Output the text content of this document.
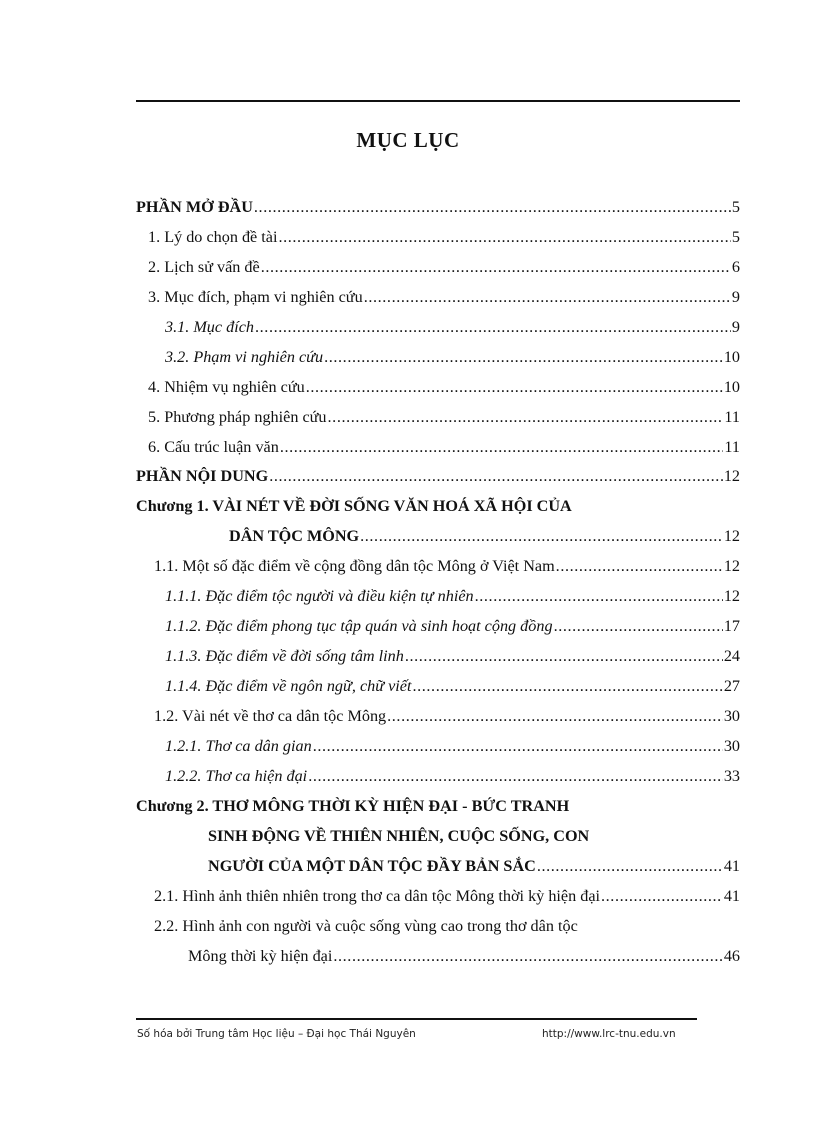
MỤC LỤC
PHẦN MỞ ĐẦU .....	5
1. Lý do chọn đề tài .....	5
2. Lịch sử vấn đề .....	6
3. Mục đích, phạm vi nghiên cứu .....	9
3.1. Mục đích .....	9
3.2. Phạm vi nghiên cứu .....	10
4. Nhiệm vụ nghiên cứu .....	10
5. Phương pháp nghiên cứu .....	11
6. Cấu trúc luận văn .....	11
PHẦN NỘI DUNG .....	12
Chương 1. VÀI NÉT VỀ ĐỜI SỐNG VĂN HOÁ XÃ HỘI CỦA
DÂN TỘC MÔNG .....	12
1.1. Một số đặc điểm về cộng đồng dân tộc Mông ở Việt Nam .....	12
1.1.1. Đặc điểm tộc người và điều kiện tự nhiên .....	12
1.1.2. Đặc điểm phong tục tập quán và sinh hoạt cộng đồng .....	17
1.1.3. Đặc điểm về đời sống tâm linh .....	24
1.1.4. Đặc điểm về ngôn ngữ, chữ viết .....	27
1.2. Vài nét về thơ ca dân tộc Mông .....	30
1.2.1. Thơ ca dân gian .....	30
1.2.2. Thơ ca hiện đại .....	33
Chương 2. THƠ MÔNG THỜI KỲ HIỆN ĐẠI - BỨC TRANH
SINH ĐỘNG VỀ THIÊN NHIÊN, CUỘC SỐNG, CON
NGƯỜI CỦA MỘT DÂN TỘC ĐẦY BẢN SẮC .....	41
2.1. Hình ảnh thiên nhiên trong thơ ca dân tộc Mông thời kỳ hiện đại .....	41
2.2. Hình ảnh con người và cuộc sống vùng cao trong thơ dân tộc
Mông thời kỳ hiện đại .....	46
Số hóa bởi Trung tâm Học liệu – Đại học Thái Nguyên	http://www.lrc-tnu.edu.vn
